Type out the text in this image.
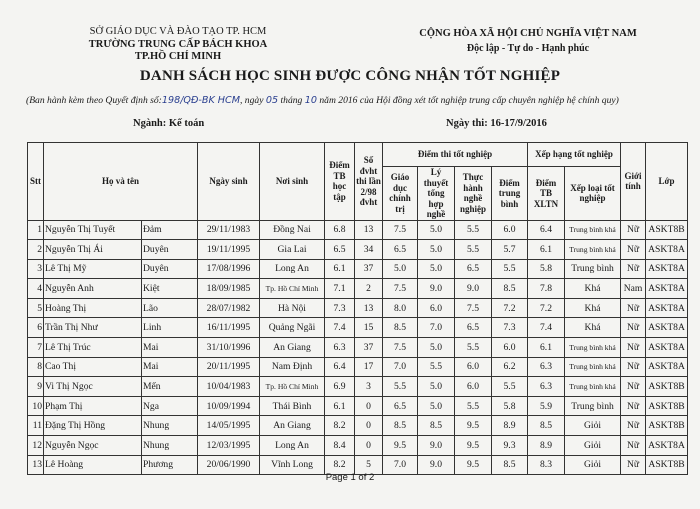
SỞ GIÁO DỤC VÀ ĐÀO TẠO TP. HCM
TRƯỜNG TRUNG CẤP BÁCH KHOA
TP.HỒ CHÍ MINH
CỘNG HÒA XÃ HỘI CHỦ NGHĨA VIỆT NAM
Độc lập - Tự do - Hạnh phúc
DANH SÁCH HỌC SINH ĐƯỢC CÔNG NHẬN TỐT NGHIỆP
(Ban hành kèm theo Quyết định số:198/QĐ-BK HCM, ngày 05 tháng 10 năm 2016 của Hội đồng xét tốt nghiệp trung cấp chuyên nghiệp hệ chính quy)
Ngành: Kế toán	Ngày thi: 16-17/9/2016
Stt	Họ và tên		Ngày sinh	Nơi sinh	Điểm TB học tập	Số đvht thi lần 2/98 đvht	Điểm thi tốt nghiệp				Xếp hạng tốt nghiệp		Giới tính	Lớp
							Giáo dục chính trị	Lý thuyết tổng hợp nghề	Thực hành nghề nghiệp	Điểm trung bình	Điểm TB XLTN	Xếp loại tốt nghiệp		
1	Nguyễn Thị Tuyết	Đảm	29/11/1983	Đồng Nai	6.8	13	7.5	5.0	5.5	6.0	6.4	Trung bình khá	Nữ	ASKT8B
2	Nguyễn Thị Ái	Duyên	19/11/1995	Gia Lai	6.5	34	6.5	5.0	5.5	5.7	6.1	Trung bình khá	Nữ	ASKT8A
3	Lê Thị Mỹ	Duyên	17/08/1996	Long An	6.1	37	5.0	5.0	6.5	5.5	5.8	Trung bình	Nữ	ASKT8A
4	Nguyễn Anh	Kiệt	18/09/1985	Tp. Hồ Chí Minh	7.1	2	7.5	9.0	9.0	8.5	7.8	Khá	Nam	ASKT8A
5	Hoàng Thị	Lão	28/07/1982	Hà Nội	7.3	13	8.0	6.0	7.5	7.2	7.2	Khá	Nữ	ASKT8A
6	Trần Thị Như	Linh	16/11/1995	Quảng Ngãi	7.4	15	8.5	7.0	6.5	7.3	7.4	Khá	Nữ	ASKT8A
7	Lê Thị Trúc	Mai	31/10/1996	An Giang	6.3	37	7.5	5.0	5.5	6.0	6.1	Trung bình khá	Nữ	ASKT8A
8	Cao Thị	Mai	20/11/1995	Nam Định	6.4	17	7.0	5.5	6.0	6.2	6.3	Trung bình khá	Nữ	ASKT8A
9	Vi Thị Ngọc	Mến	10/04/1983	Tp. Hồ Chí Minh	6.9	3	5.5	5.0	6.0	5.5	6.3	Trung bình khá	Nữ	ASKT8B
10	Phạm Thị	Nga	10/09/1994	Thái Bình	6.1	0	6.5	5.0	5.5	5.8	5.9	Trung bình	Nữ	ASKT8B
11	Đặng Thị Hồng	Nhung	14/05/1995	An Giang	8.2	0	8.5	8.5	9.5	8.9	8.5	Giỏi	Nữ	ASKT8B
12	Nguyễn Ngọc	Nhung	12/03/1995	Long An	8.4	0	9.5	9.0	9.5	9.3	8.9	Giỏi	Nữ	ASKT8A
13	Lê Hoàng	Phương	20/06/1990	Vĩnh Long	8.2	5	7.0	9.0	9.5	8.5	8.3	Giỏi	Nữ	ASKT8B
Page 1 of 2
